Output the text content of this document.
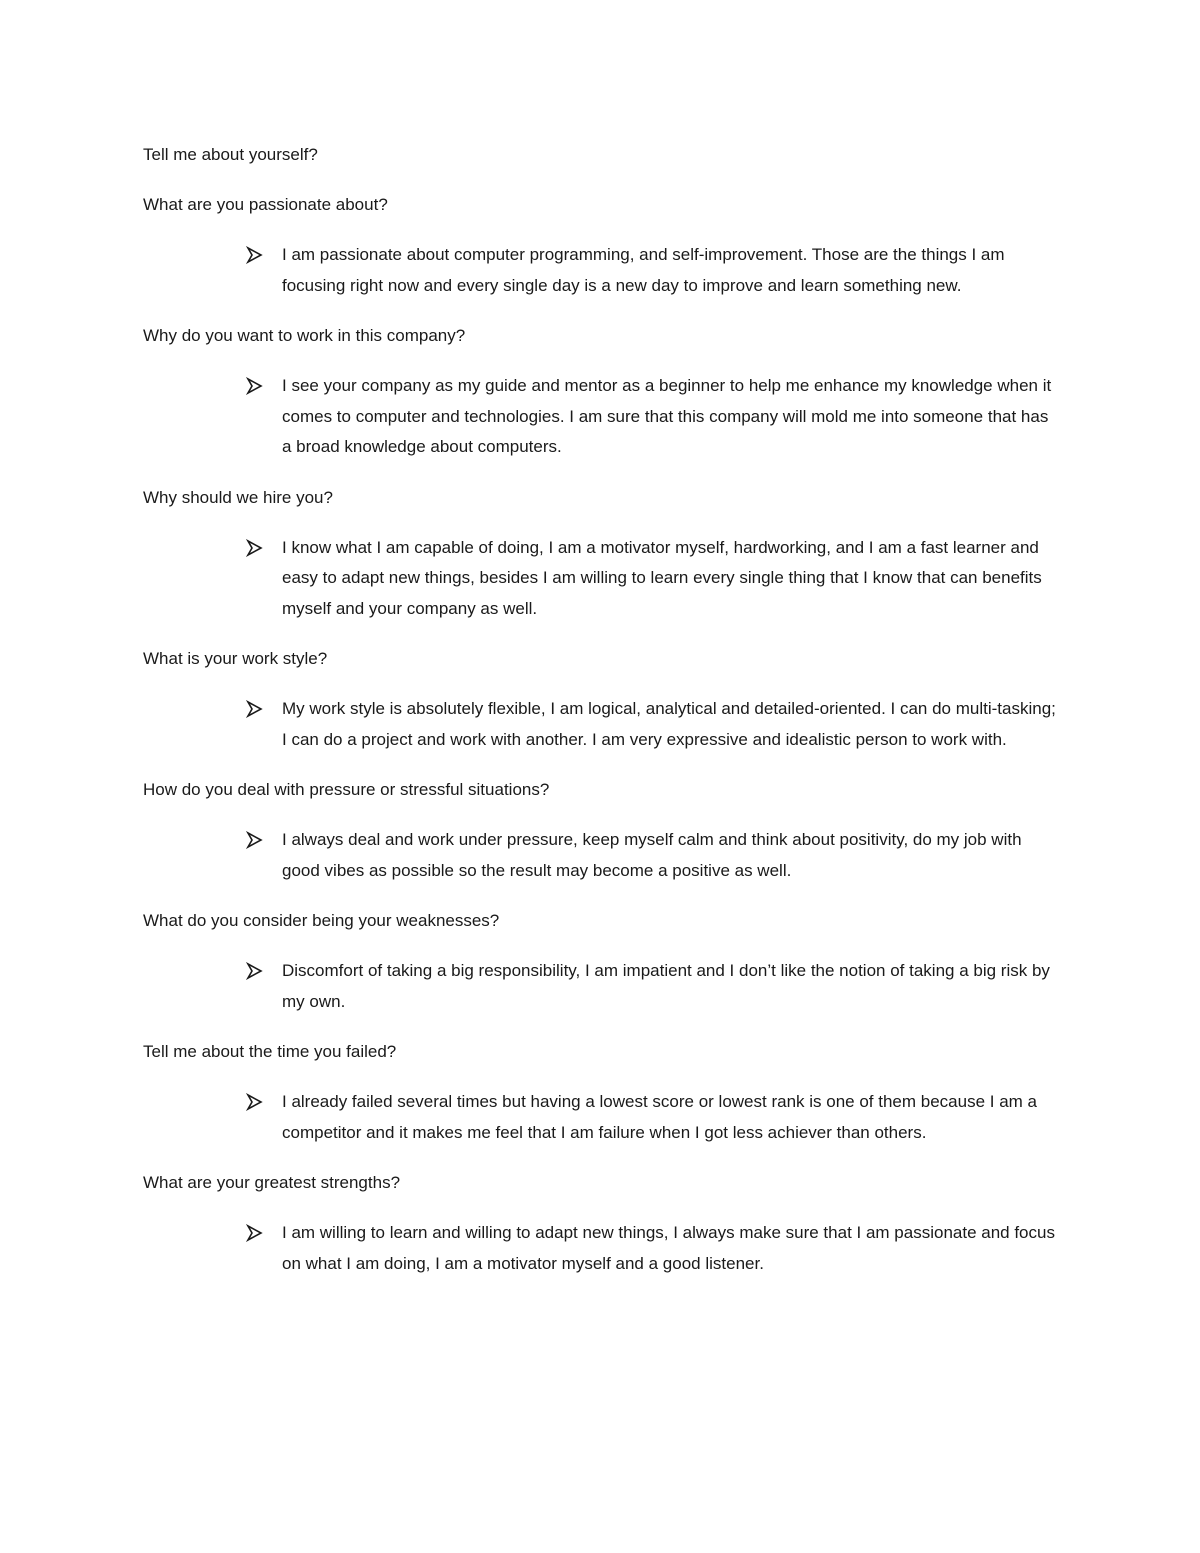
Tell me about yourself?

What are you passionate about?

I am passionate about computer programming, and self-improvement. Those are the things I am focusing right now and every single day is a new day to improve and learn something new.

Why do you want to work in this company?

I see your company as my guide and mentor as a beginner to help me enhance my knowledge when it comes to computer and technologies. I am sure that this company will mold me into someone that has a broad knowledge about computers.

Why should we hire you?

I know what I am capable of doing, I am a motivator myself, hardworking, and I am a fast learner and easy to adapt new things, besides I am willing to learn every single thing that I know that can benefits myself and your company as well.

What is your work style?

My work style is absolutely flexible, I am logical, analytical and detailed-oriented. I can do multi-tasking; I can do a project and work with another. I am very expressive and idealistic person to work with.

How do you deal with pressure or stressful situations?

I always deal and work under pressure, keep myself calm and think about positivity, do my job with good vibes as possible so the result may become a positive as well.

What do you consider being your weaknesses?

Discomfort of taking a big responsibility, I am impatient and I don’t like the notion of taking a big risk by my own.

Tell me about the time you failed?

I already failed several times but having a lowest score or lowest rank is one of them because I am a competitor and it makes me feel that I am failure when I got less achiever than others.

What are your greatest strengths?

I am willing to learn and willing to adapt new things, I always make sure that I am passionate and focus on what I am doing, I am a motivator myself and a good listener.
